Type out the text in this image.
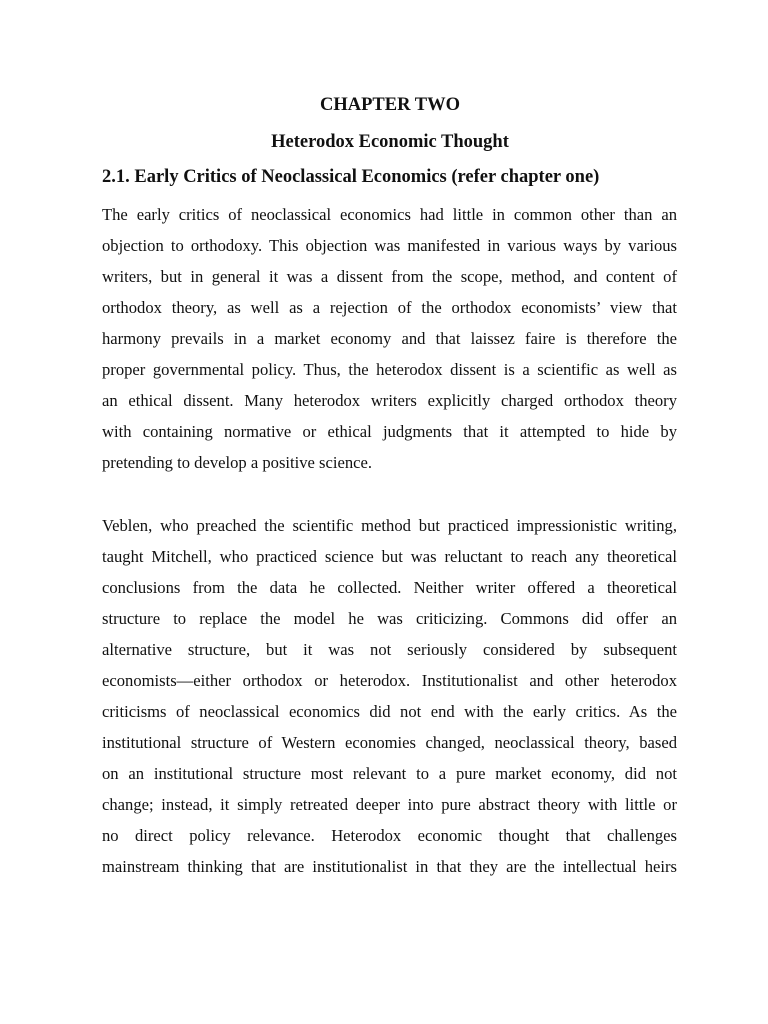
CHAPTER TWO
Heterodox Economic Thought
2.1. Early Critics of Neoclassical Economics (refer chapter one)
The early critics of neoclassical economics had little in common other than an
objection to orthodoxy. This objection was manifested in various ways by various
writers, but in general it was a dissent from the scope, method, and content of
orthodox theory, as well as a rejection of the orthodox economists’ view that
harmony prevails in a market economy and that laissez faire is therefore the
proper governmental policy. Thus, the heterodox dissent is a scientific as well as
an ethical dissent. Many heterodox writers explicitly charged orthodox theory
with containing normative or ethical judgments that it attempted to hide by
pretending to develop a positive science.
Veblen, who preached the scientific method but practiced impressionistic writing,
taught Mitchell, who practiced science but was reluctant to reach any theoretical
conclusions from the data he collected. Neither writer offered a theoretical
structure to replace the model he was criticizing. Commons did offer an
alternative structure, but it was not seriously considered by subsequent
economists—either orthodox or heterodox. Institutionalist and other heterodox
criticisms of neoclassical economics did not end with the early critics. As the
institutional structure of Western economies changed, neoclassical theory, based
on an institutional structure most relevant to a pure market economy, did not
change; instead, it simply retreated deeper into pure abstract theory with little or
no direct policy relevance. Heterodox economic thought that challenges
mainstream thinking that are institutionalist in that they are the intellectual heirs
